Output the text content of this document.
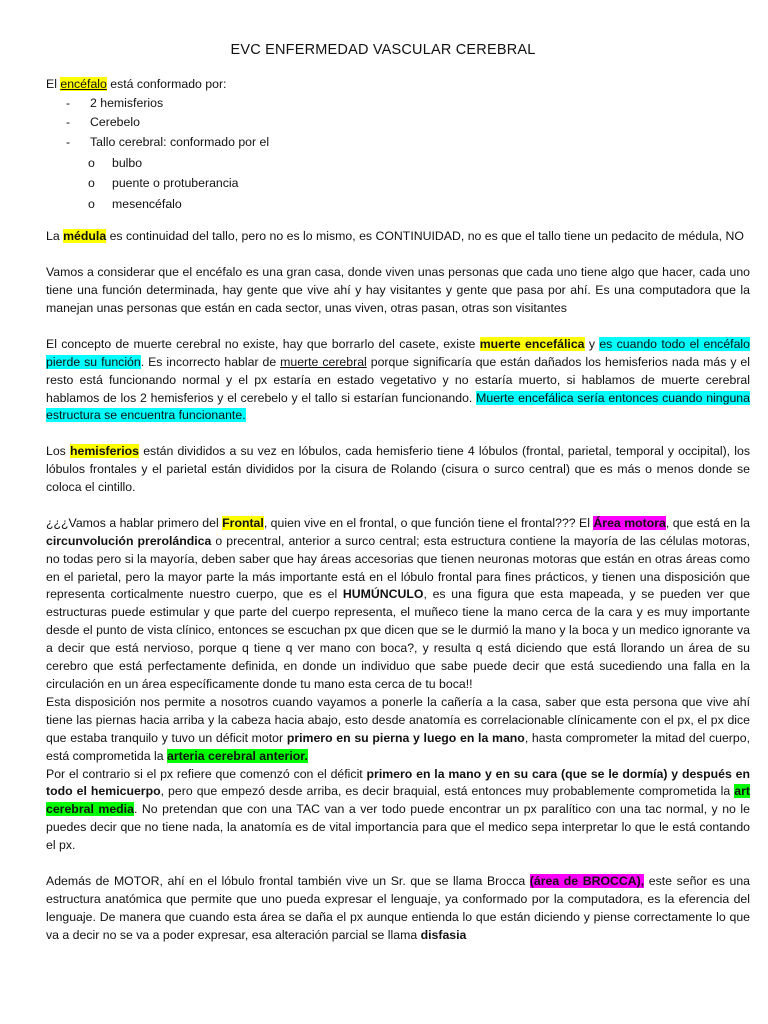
EVC ENFERMEDAD VASCULAR CEREBRAL

El encéfalo está conformado por:

- 2 hemisferios
- Cerebelo
- Tallo cerebral: conformado por el
o bulbo
o puente o protuberancia
o mesencéfalo

La médula es continuidad del tallo, pero no es lo mismo, es CONTINUIDAD, no es que el tallo tiene un pedacito de médula, NO

Vamos a considerar que el encéfalo es una gran casa, donde viven unas personas que cada uno tiene algo que hacer, cada uno tiene una función determinada, hay gente que vive ahí y hay visitantes y gente que pasa por ahí. Es una computadora que la manejan unas personas que están en cada sector, unas viven, otras pasan, otras son visitantes

El concepto de muerte cerebral no existe, hay que borrarlo del casete, existe muerte encefálica y es cuando todo el encéfalo pierde su función. Es incorrecto hablar de muerte cerebral porque significaría que están dañados los hemisferios nada más y el resto está funcionando normal y el px estaría en estado vegetativo y no estaría muerto, si hablamos de muerte cerebral hablamos de los 2 hemisferios y el cerebelo y el tallo si estarían funcionando. Muerte encefálica sería entonces cuando ninguna estructura se encuentra funcionante.

Los hemisferios están divididos a su vez en lóbulos, cada hemisferio tiene 4 lóbulos (frontal, parietal, temporal y occipital), los lóbulos frontales y el parietal están divididos por la cisura de Rolando (cisura o surco central) que es más o menos donde se coloca el cintillo.

¿¿¿Vamos a hablar primero del Frontal, quien vive en el frontal, o que función tiene el frontal??? El Área motora, que está en la circunvolución prerolándica o precentral, anterior a surco central; esta estructura contiene la mayoría de las células motoras, no todas pero si la mayoría, deben saber que hay áreas accesorias que tienen neuronas motoras que están en otras áreas como en el parietal, pero la mayor parte la más importante está en el lóbulo frontal para fines prácticos, y tienen una disposición que representa corticalmente nuestro cuerpo, que es el HUMÚNCULO, es una figura que esta mapeada, y se pueden ver que estructuras puede estimular y que parte del cuerpo representa, el muñeco tiene la mano cerca de la cara y es muy importante desde el punto de vista clínico, entonces se escuchan px que dicen que se le durmió la mano y la boca y un medico ignorante va a decir que está nervioso, porque q tiene q ver mano con boca?, y resulta q está diciendo que está llorando un área de su cerebro que está perfectamente definida, en donde un individuo que sabe puede decir que está sucediendo una falla en la circulación en un área específicamente donde tu mano esta cerca de tu boca!!

Esta disposición nos permite a nosotros cuando vayamos a ponerle la cañería a la casa, saber que esta persona que vive ahí tiene las piernas hacia arriba y la cabeza hacia abajo, esto desde anatomía es correlacionable clínicamente con el px, el px dice que estaba tranquilo y tuvo un déficit motor primero en su pierna y luego en la mano, hasta comprometer la mitad del cuerpo, está comprometida la arteria cerebral anterior.

Por el contrario si el px refiere que comenzó con el déficit primero en la mano y en su cara (que se le dormía) y después en todo el hemicuerpo, pero que empezó desde arriba, es decir braquial, está entonces muy probablemente comprometida la art cerebral media. No pretendan que con una TAC van a ver todo puede encontrar un px paralítico con una tac normal, y no le puedes decir que no tiene nada, la anatomía es de vital importancia para que el medico sepa interpretar lo que le está contando el px.

Además de MOTOR, ahí en el lóbulo frontal también vive un Sr. que se llama Brocca (área de BROCCA), este señor es una estructura anatómica que permite que uno pueda expresar el lenguaje, ya conformado por la computadora, es la eferencia del lenguaje. De manera que cuando esta área se daña el px aunque entienda lo que están diciendo y piense correctamente lo que va a decir no se va a poder expresar, esa alteración parcial se llama disfasia
